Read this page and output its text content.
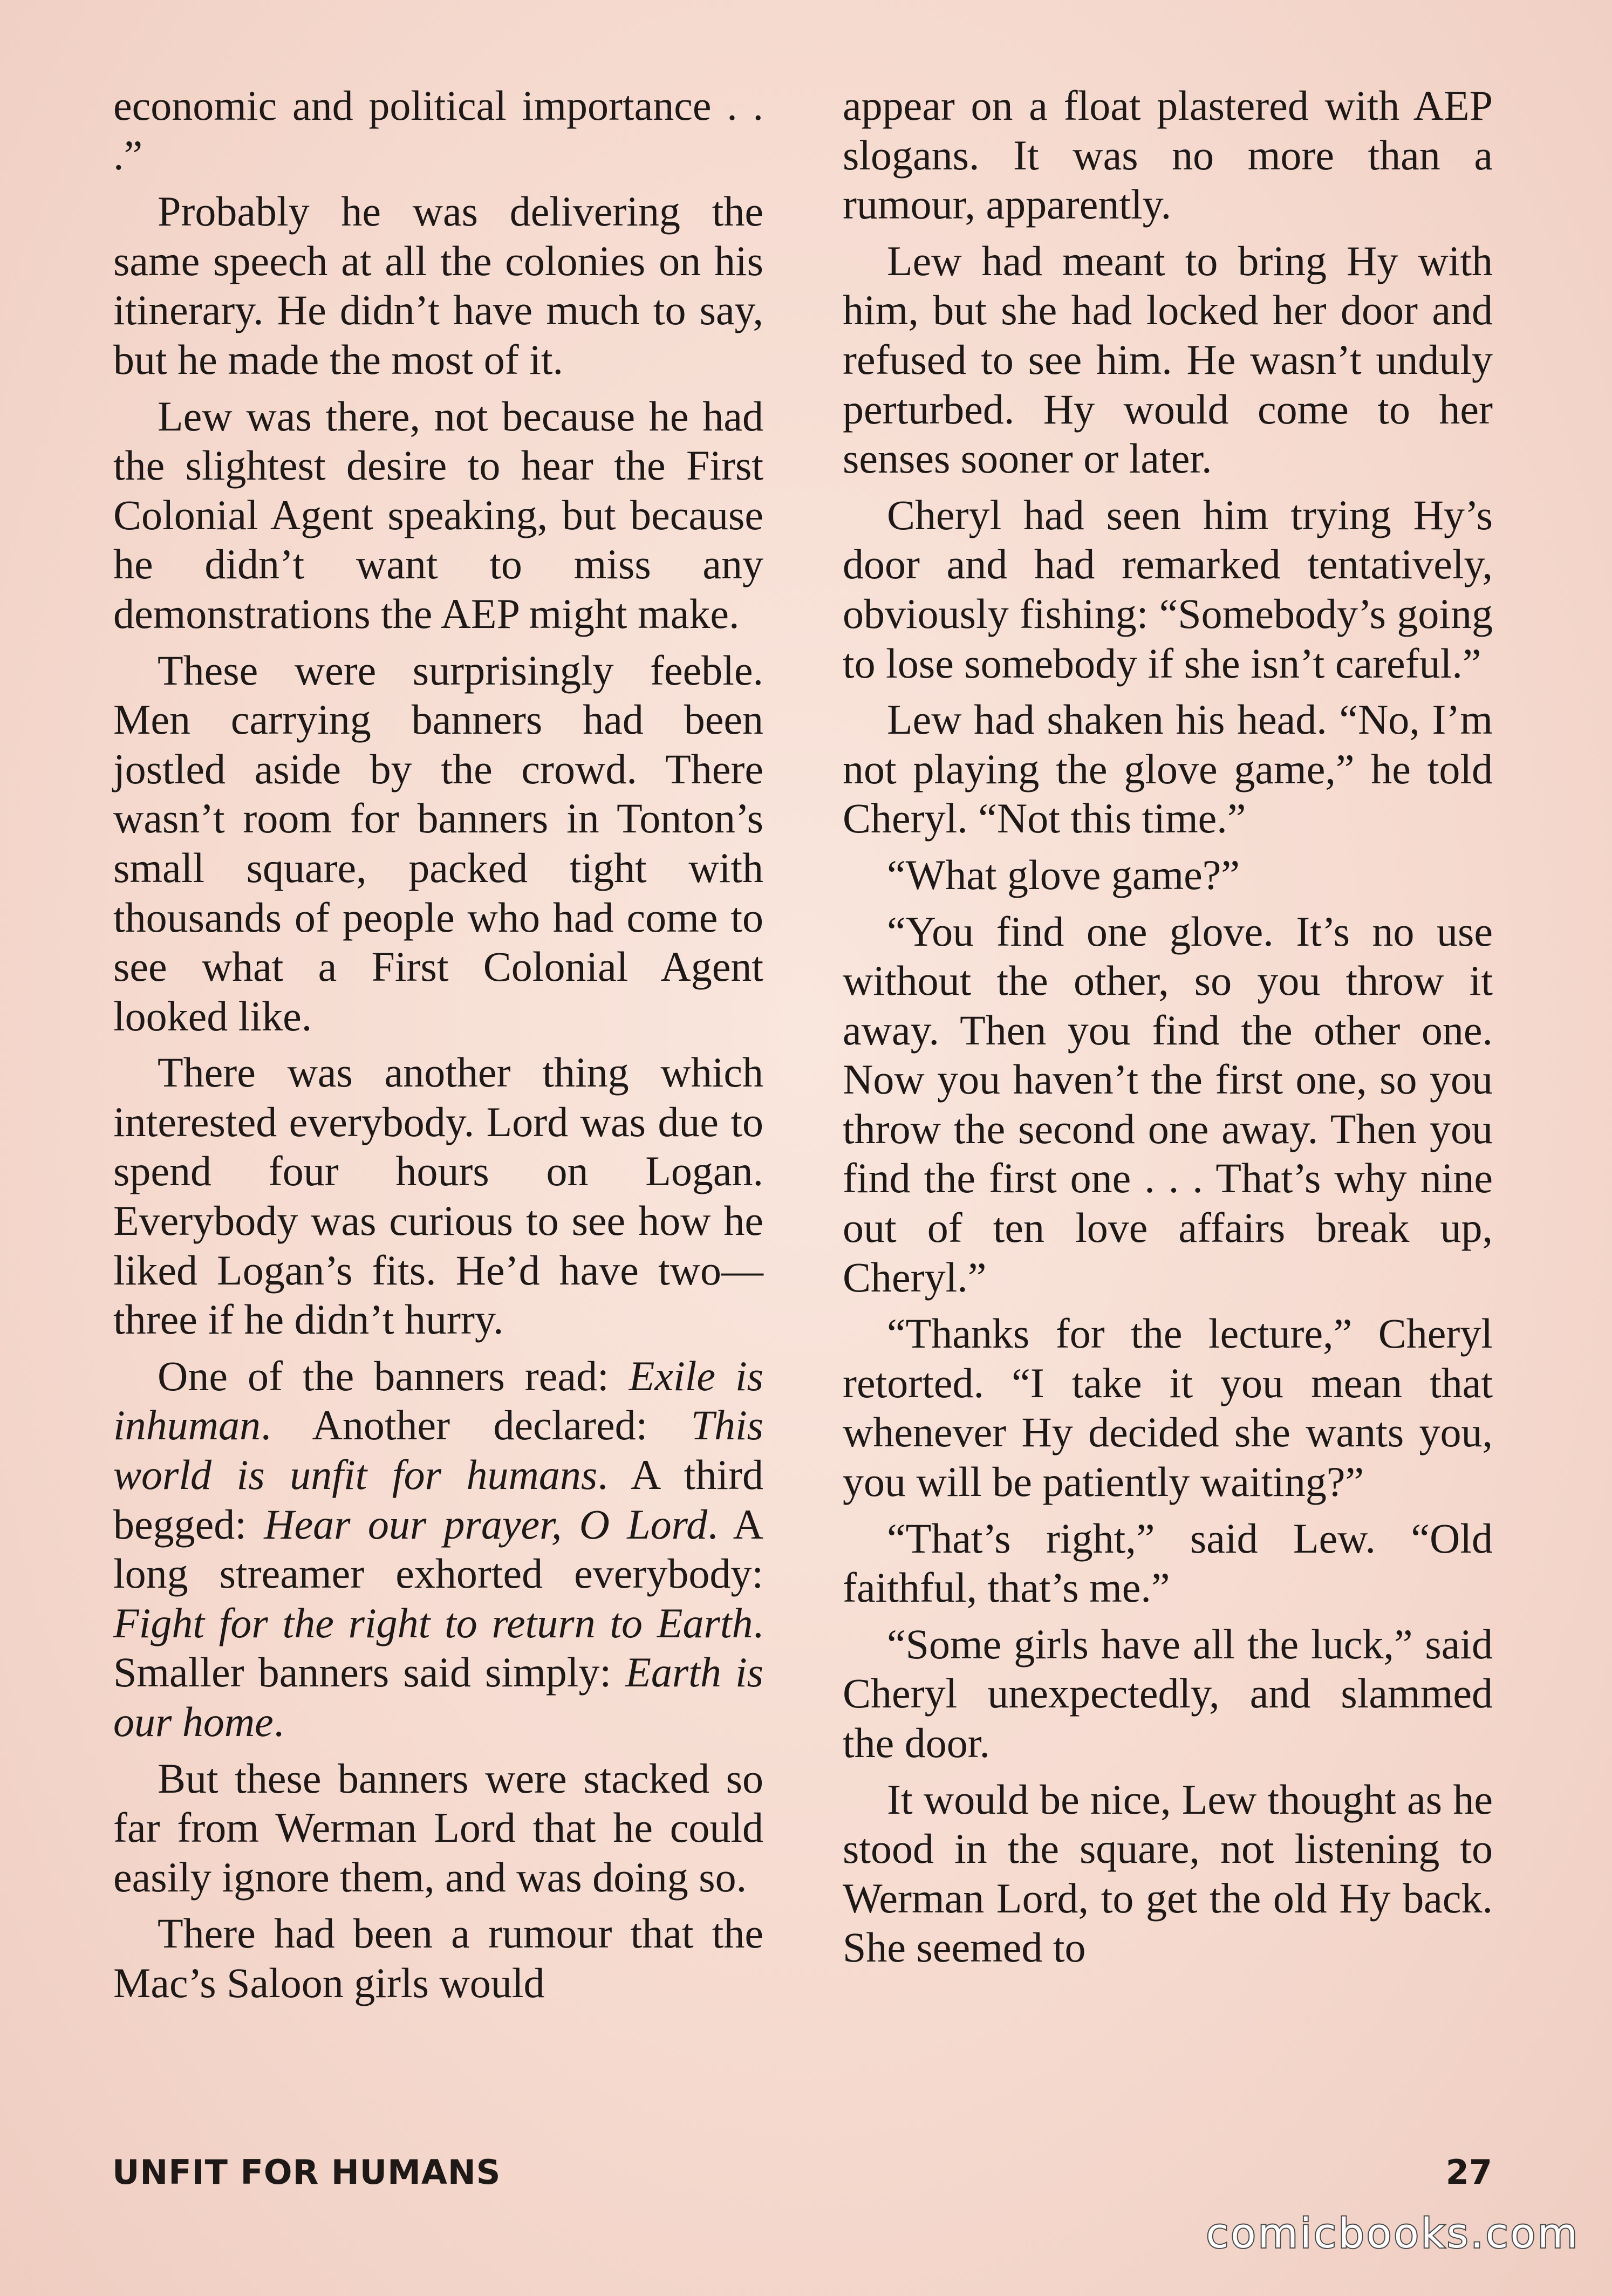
economic and political importance . . .”

Probably he was delivering the same speech at all the colonies on his itinerary. He didn’t have much to say, but he made the most of it.

Lew was there, not because he had the slightest desire to hear the First Colonial Agent speaking, but because he didn’t want to miss any demonstrations the AEP might make.

These were surprisingly feeble. Men carrying banners had been jostled aside by the crowd. There wasn’t room for banners in Tonton’s small square, packed tight with thousands of people who had come to see what a First Colonial Agent looked like.

There was another thing which interested everybody. Lord was due to spend four hours on Logan. Everybody was curious to see how he liked Logan’s fits. He’d have two—three if he didn’t hurry.

One of the banners read: Exile is inhuman. Another declared: This world is unfit for humans. A third begged: Hear our prayer, O Lord. A long streamer exhorted everybody: Fight for the right to return to Earth. Smaller banners said simply: Earth is our home.

But these banners were stacked so far from Werman Lord that he could easily ignore them, and was doing so.

There had been a rumour that the Mac’s Saloon girls would

appear on a float plastered with AEP slogans. It was no more than a rumour, apparently.

Lew had meant to bring Hy with him, but she had locked her door and refused to see him. He wasn’t unduly perturbed. Hy would come to her senses sooner or later.

Cheryl had seen him trying Hy’s door and had remarked tentatively, obviously fishing: “Somebody’s going to lose somebody if she isn’t careful.”

Lew had shaken his head. “No, I’m not playing the glove game,” he told Cheryl. “Not this time.”

“What glove game?”

“You find one glove. It’s no use without the other, so you throw it away. Then you find the other one. Now you haven’t the first one, so you throw the second one away. Then you find the first one . . . That’s why nine out of ten love affairs break up, Cheryl.”

“Thanks for the lecture,” Cheryl retorted. “I take it you mean that whenever Hy decided she wants you, you will be patiently waiting?”

“That’s right,” said Lew. “Old faithful, that’s me.”

“Some girls have all the luck,” said Cheryl unexpectedly, and slammed the door.

It would be nice, Lew thought as he stood in the square, not listening to Werman Lord, to get the old Hy back. She seemed to

UNFIT FOR HUMANS	27
comicbooks.com
